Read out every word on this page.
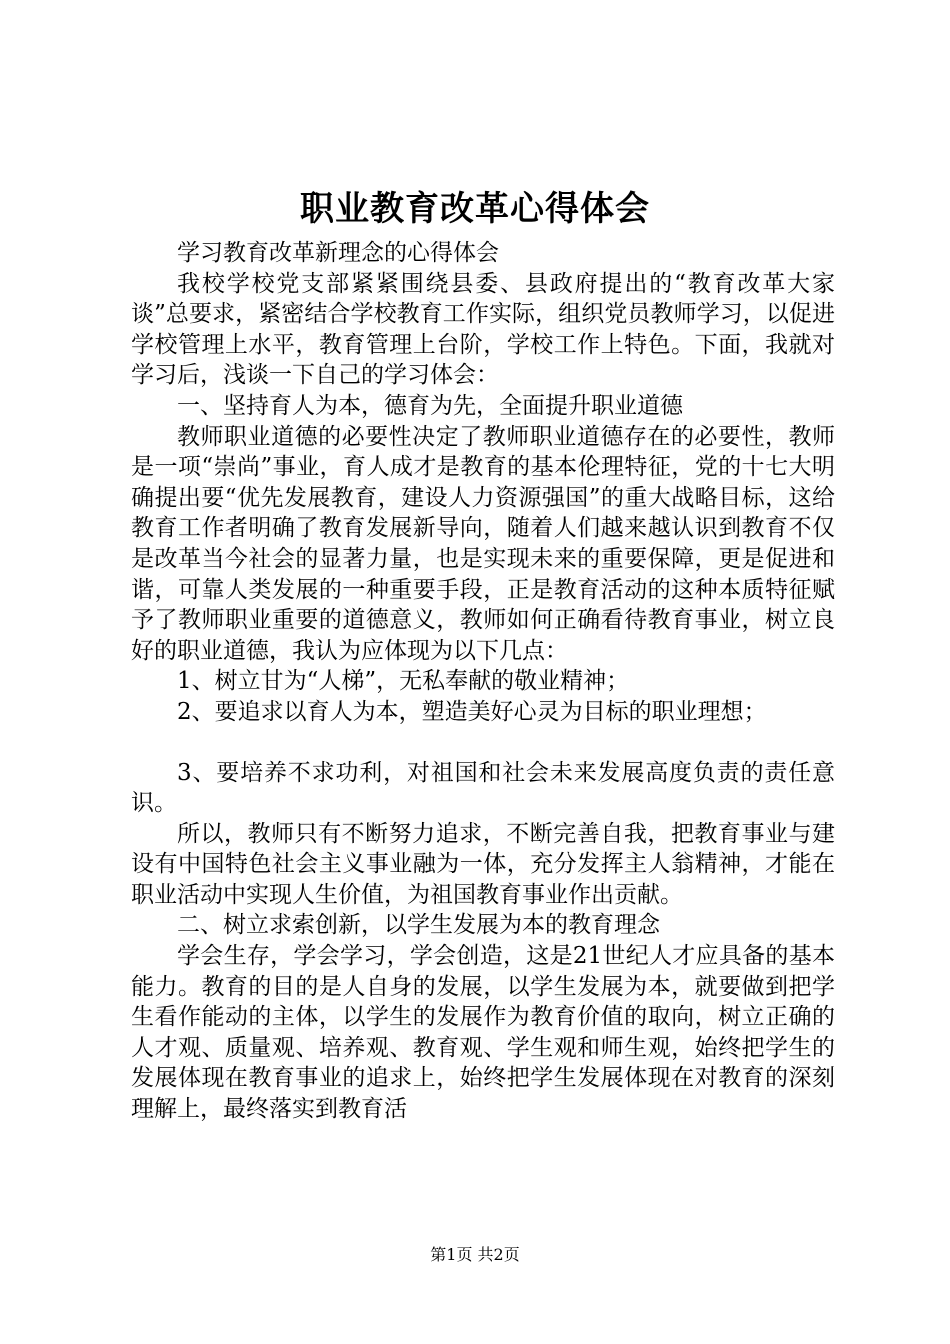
职业教育改革心得体会

学习教育改革新理念的心得体会

我校学校党支部紧紧围绕县委、县政府提出的“教育改革大家谈”总要求，紧密结合学校教育工作实际，组织党员教师学习，以促进学校管理上水平，教育管理上台阶，学校工作上特色。下面，我就对学习后，浅谈一下自己的学习体会：

一、坚持育人为本，德育为先，全面提升职业道德

教师职业道德的必要性决定了教师职业道德存在的必要性，教师是一项“崇尚”事业，育人成才是教育的基本伦理特征，党的十七大明确提出要“优先发展教育，建设人力资源强国”的重大战略目标，这给教育工作者明确了教育发展新导向，随着人们越来越认识到教育不仅是改革当今社会的显著力量，也是实现未来的重要保障，更是促进和谐，可靠人类发展的一种重要手段，正是教育活动的这种本质特征赋予了教师职业重要的道德意义，教师如何正确看待教育事业，树立良好的职业道德，我认为应体现为以下几点：

1、树立甘为“人梯”，无私奉献的敬业精神；

2、要追求以育人为本，塑造美好心灵为目标的职业理想；

3、要培养不求功利，对祖国和社会未来发展高度负责的责任意识。

所以，教师只有不断努力追求，不断完善自我，把教育事业与建设有中国特色社会主义事业融为一体，充分发挥主人翁精神，才能在职业活动中实现人生价值，为祖国教育事业作出贡献。

二、树立求索创新，以学生发展为本的教育理念

学会生存，学会学习，学会创造，这是21世纪人才应具备的基本能力。教育的目的是人自身的发展，以学生发展为本，就要做到把学生看作能动的主体，以学生的发展作为教育价值的取向，树立正确的人才观、质量观、培养观、教育观、学生观和师生观，始终把学生的发展体现在教育事业的追求上，始终把学生发展体现在对教育的深刻理解上，最终落实到教育活

第1页 共2页
